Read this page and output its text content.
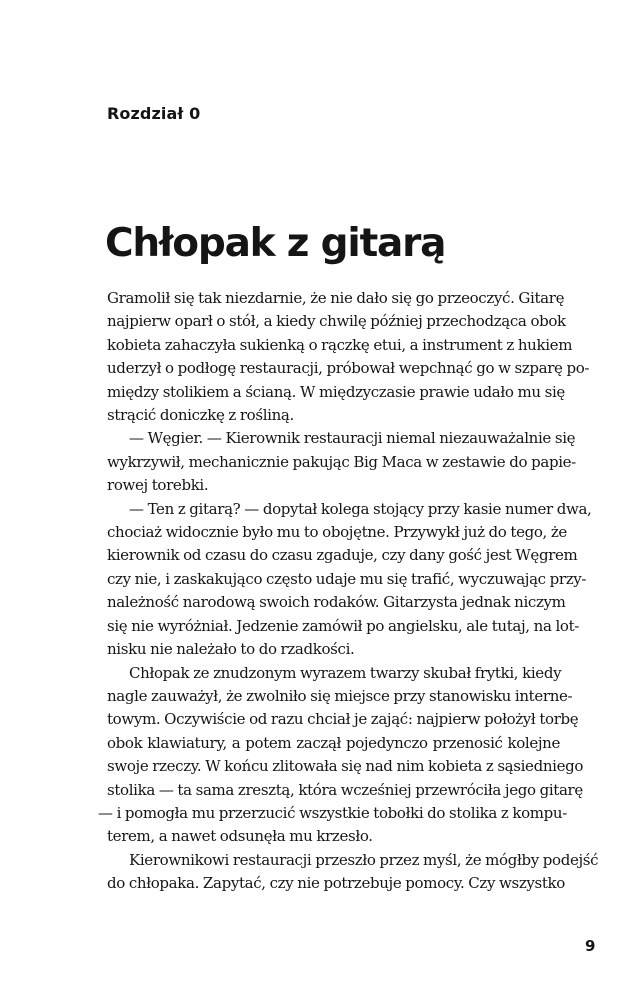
Rozdział 0
Chłopak z gitarą
Gramolił się tak niezdarnie, że nie dało się go przeoczyć. Gitarę
najpierw oparł o stół, a kiedy chwilę później przechodząca obok
kobieta zahaczyła sukienką o rączkę etui, a instrument z hukiem
uderzył o podłogę restauracji, próbował wepchnąć go w szparę po-
między stolikiem a ścianą. W międzyczasie prawie udało mu się
strącić doniczkę z rośliną.
— Węgier. — Kierownik restauracji niemal niezauważalnie się
wykrzywił, mechanicznie pakując Big Maca w zestawie do papie-
rowej torebki.
— Ten z gitarą? — dopytał kolega stojący przy kasie numer dwa,
chociaż widocznie było mu to obojętne. Przywykł już do tego, że
kierownik od czasu do czasu zgaduje, czy dany gość jest Węgrem
czy nie, i zaskakująco często udaje mu się trafić, wyczuwając przy-
należność narodową swoich rodaków. Gitarzysta jednak niczym
się nie wyróżniał. Jedzenie zamówił po angielsku, ale tutaj, na lot-
nisku nie należało to do rzadkości.
Chłopak ze znudzonym wyrazem twarzy skubał frytki, kiedy
nagle zauważył, że zwolniło się miejsce przy stanowisku interne-
towym. Oczywiście od razu chciał je zająć: najpierw położył torbę
obok klawiatury, a potem zaczął pojedynczo przenosić kolejne
swoje rzeczy. W końcu zlitowała się nad nim kobieta z sąsiedniego
stolika — ta sama zresztą, która wcześniej przewróciła jego gitarę
— i pomogła mu przerzucić wszystkie tobołki do stolika z kompu-
terem, a nawet odsunęła mu krzesło.
Kierownikowi restauracji przeszło przez myśl, że mógłby podejść
do chłopaka. Zapytać, czy nie potrzebuje pomocy. Czy wszystko

9
